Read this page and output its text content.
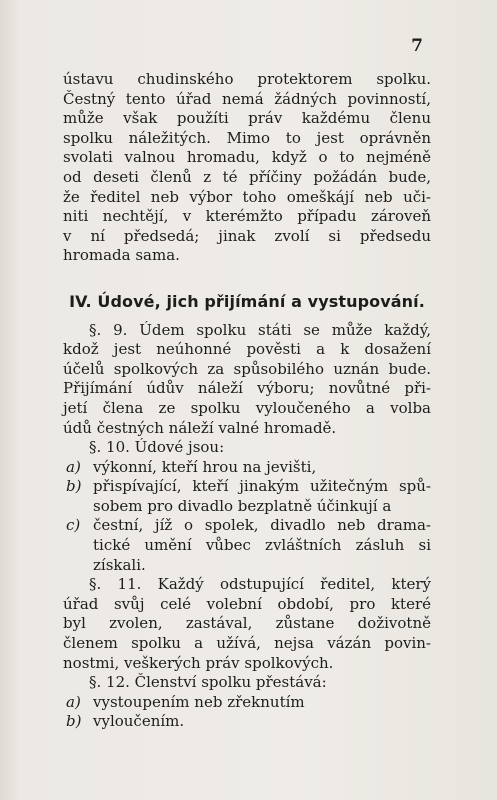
7
ústavu chudinského protektorem spolku.
Čestný tento úřad nemá žádných povinností,
může však použíti práv každému členu
spolku náležitých. Mimo to jest oprávněn
svolati valnou hromadu, když o to nejméně
od deseti členů z té příčiny požádán bude,
že ředitel neb výbor toho omeškájí neb uči-
niti nechtějí, v kterémžto případu zároveň
v ní předsedá; jinak zvolí si předsedu
hromada sama.
IV. Údové, jich přijímání a vystupování.
§. 9. Údem spolku státi se může každý,
kdož jest neúhonné pověsti a k dosažení
účelů spolkových za spůsobilého uznán bude.
Přijímání údův náleží výboru; novůtné při-
jetí člena ze spolku vyloučeného a volba
údů čestných náleží valné hromadě.
§. 10. Údové jsou:
a) výkonní, kteří hrou na jevišti,
b) přispívající, kteří jinakým užitečným spů-
sobem pro divadlo bezplatně účinkují a
c) čestní, jíž o spolek, divadlo neb drama-
tické umění vůbec zvláštních zásluh si
získali.
§. 11. Každý odstupující ředitel, který
úřad svůj celé volební období, pro které
byl zvolen, zastával, zůstane doživotně
členem spolku a užívá, nejsa vázán povin-
nostmi, veškerých práv spolkových.
§. 12. Členství spolku přestává:
a) vystoupením neb zřeknutím
b) vyloučením.
